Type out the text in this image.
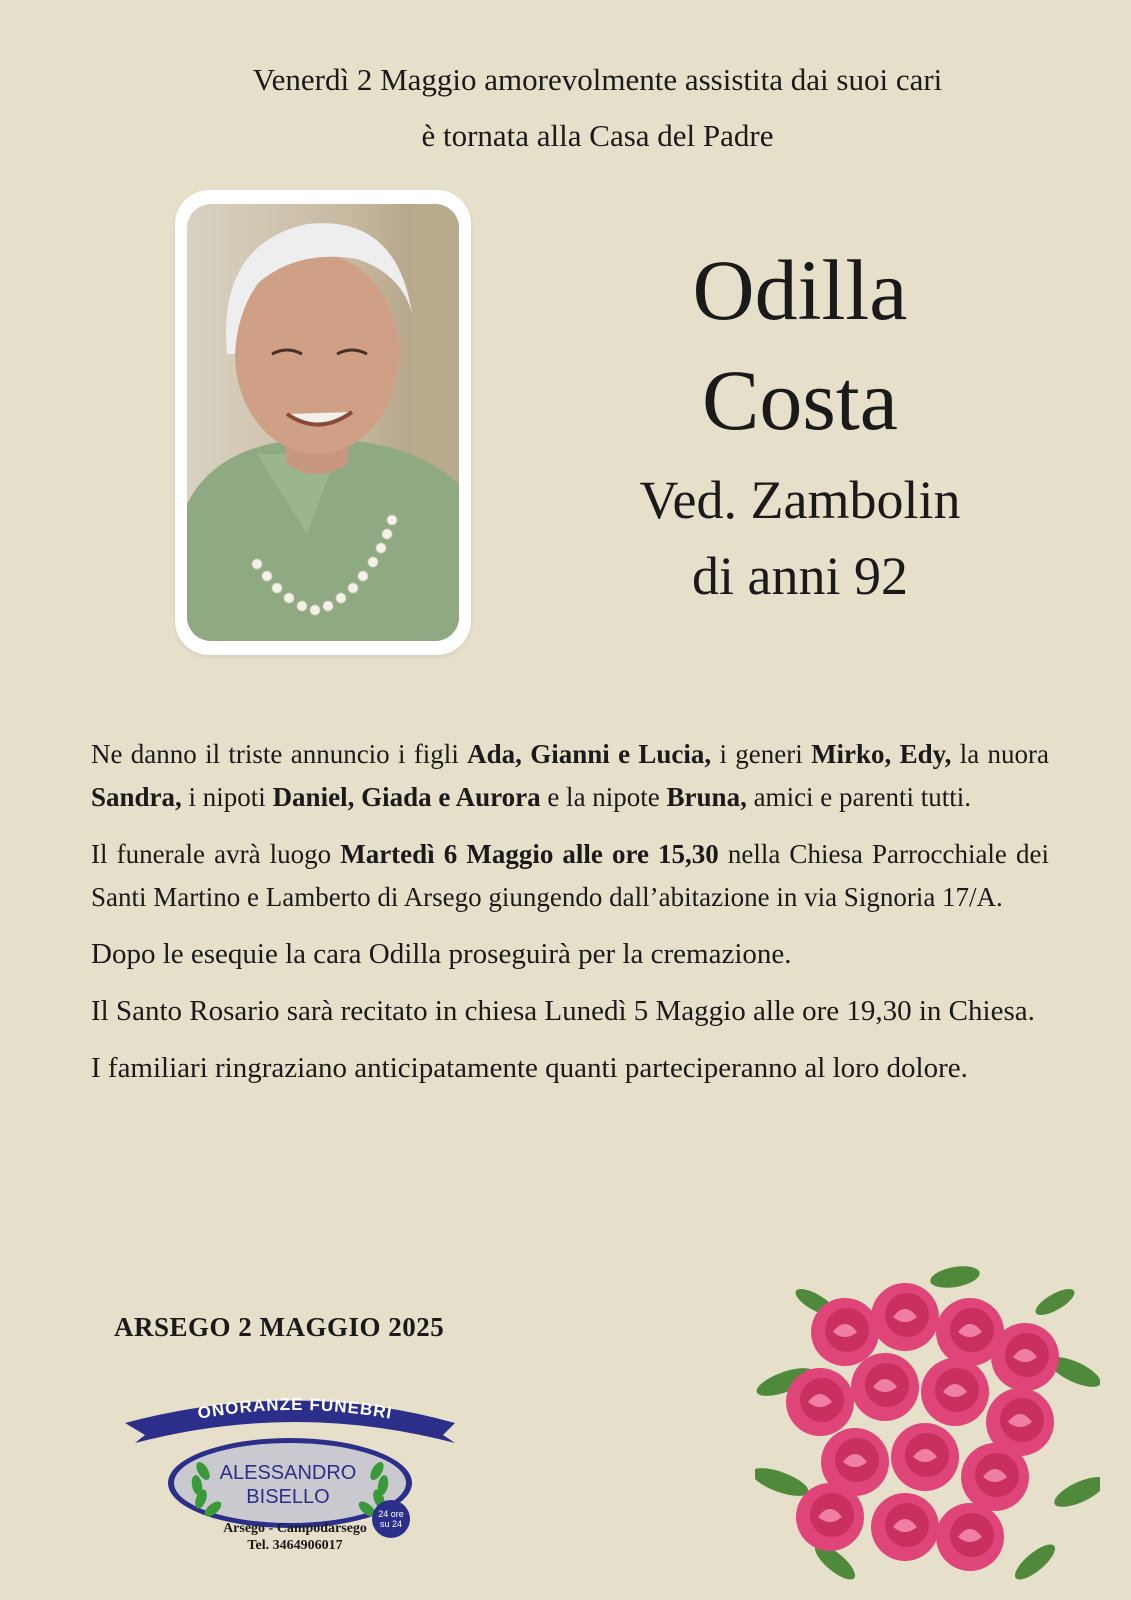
Venerdì 2 Maggio amorevolmente assistita dai suoi cari
è tornata alla Casa del Padre
Odilla
Costa
Ved. Zambolin
di anni 92

Ne danno il triste annuncio i figli Ada, Gianni e Lucia, i generi Mirko, Edy, la nuora Sandra, i nipoti Daniel, Giada e Aurora e la nipote Bruna, amici e parenti tutti.

Il funerale avrà luogo Martedì 6 Maggio alle ore 15,30 nella Chiesa Parrocchiale dei Santi Martino e Lamberto di Arsego giungendo dall’abitazione in via Signoria 17/A.

Dopo le esequie la cara Odilla proseguirà per la cremazione.

Il Santo Rosario sarà recitato in chiesa Lunedì 5 Maggio alle ore 19,30 in Chiesa.

I familiari ringraziano anticipatamente quanti parteciperanno al loro dolore.

ARSEGO 2 MAGGIO 2025
ONORANZE FUNEBRI
ALESSANDRO
BISELLO
24 ore
su 24
Arsego - Campodarsego
Tel. 3464906017
